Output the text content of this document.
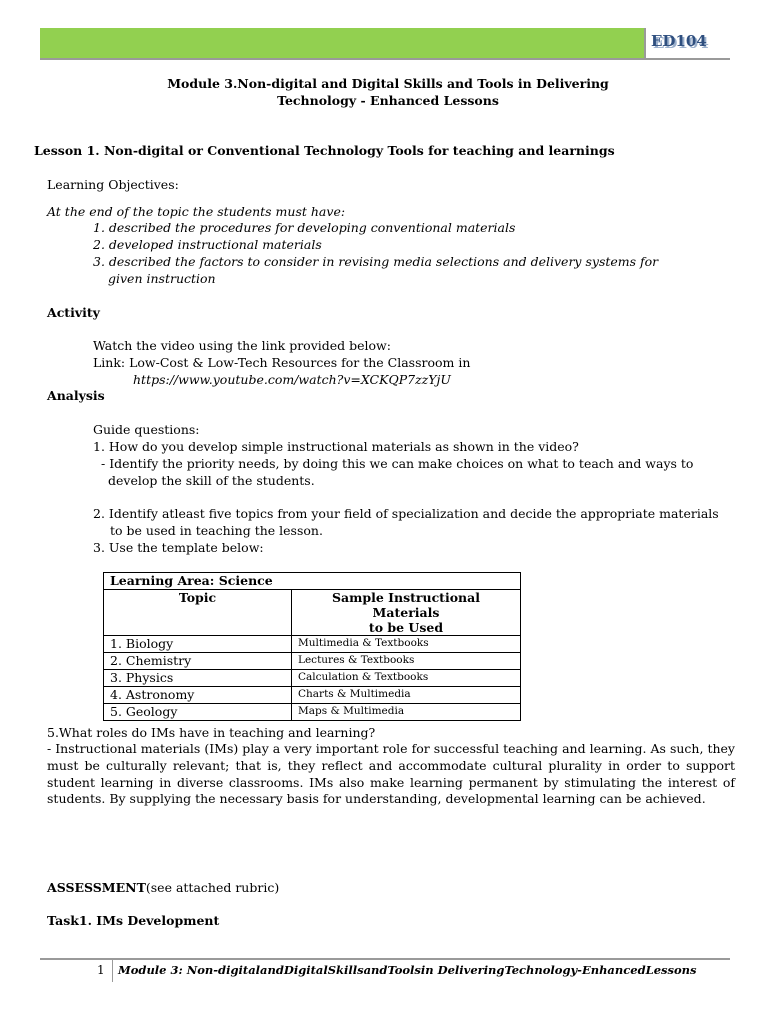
ED104
Module 3.Non-digital and Digital Skills and Tools in Delivering
Technology - Enhanced Lessons
Lesson 1. Non-digital or Conventional Technology Tools for teaching and learnings
Learning Objectives:
At the end of the topic the students must have:
1. described the procedures for developing conventional materials
2. developed instructional materials
3. described the factors to consider in revising media selections and delivery systems for
given instruction
Activity
Watch the video using the link provided below:
Link: Low-Cost & Low-Tech Resources for the Classroom in
https://www.youtube.com/watch?v=XCKQP7zzYjU
Analysis
Guide questions:
1. How do you develop simple instructional materials as shown in the video?
- Identify the priority needs, by doing this we can make choices on what to teach and ways to
develop the skill of the students.
2. Identify atleast five topics from your field of specialization and decide the appropriate materials
to be used in teaching the lesson.
3. Use the template below:
Learning Area: Science	
Topic	Sample Instructional Materials
to be Used

1. Biology	Multimedia & Textbooks
2. Chemistry	Lectures & Textbooks
3. Physics	Calculation & Textbooks
4. Astronomy	Charts & Multimedia
5. Geology	Maps & Multimedia
5.What roles do IMs have in teaching and learning?
- Instructional materials (IMs) play a very important role for successful teaching and learning. As such, they must be culturally relevant; that is, they reflect and accommodate cultural plurality in order to support student learning in diverse classrooms. IMs also make learning permanent by stimulating the interest of students. By supplying the necessary basis for understanding, developmental learning can be achieved.
ASSESSMENT(see attached rubric)
Task1. IMs Development
1 Module 3: Non-digitalandDigitalSkillsandToolsin DeliveringTechnology-EnhancedLessons
